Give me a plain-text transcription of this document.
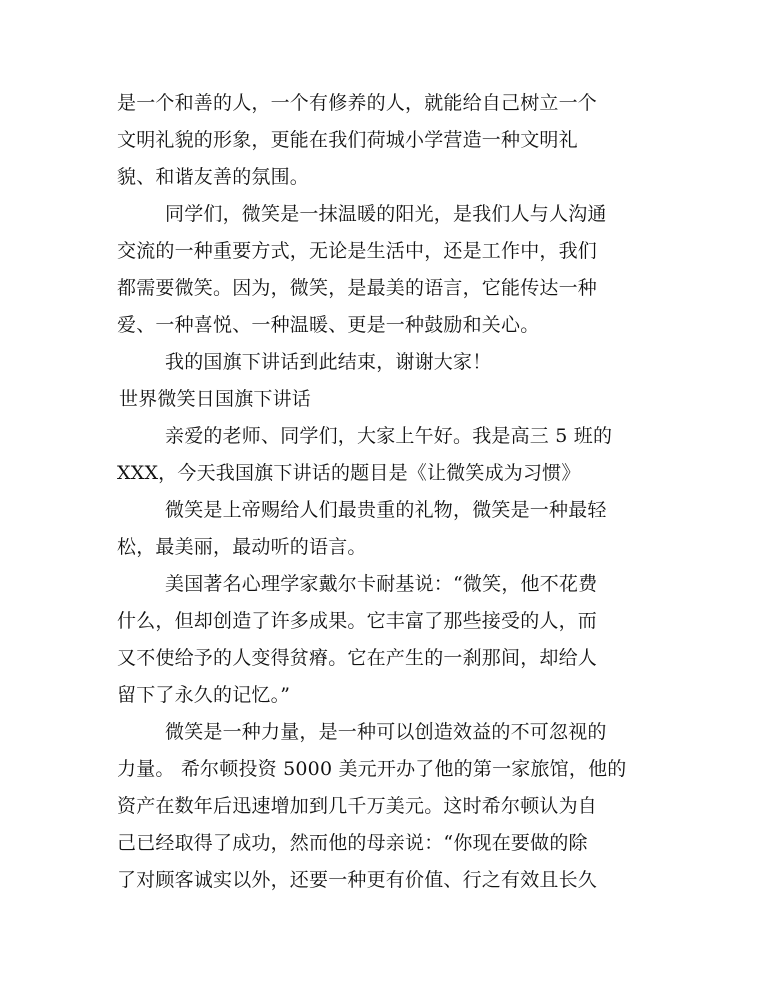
是一个和善的人，一个有修养的人，就能给自己树立一个
文明礼貌的形象，更能在我们荷城小学营造一种文明礼
貌、和谐友善的氛围。
同学们，微笑是一抹温暖的阳光，是我们人与人沟通
交流的一种重要方式，无论是生活中，还是工作中，我们
都需要微笑。因为，微笑，是最美的语言，它能传达一种
爱、一种喜悦、一种温暖、更是一种鼓励和关心。
我的国旗下讲话到此结束，谢谢大家！
世界微笑日国旗下讲话
亲爱的老师、同学们，大家上午好。我是高三 5 班的
XXX，今天我国旗下讲话的题目是《让微笑成为习惯》
微笑是上帝赐给人们最贵重的礼物，微笑是一种最轻
松，最美丽，最动听的语言。
美国著名心理学家戴尔卡耐基说：“微笑，他不花费
什么，但却创造了许多成果。它丰富了那些接受的人，而
又不使给予的人变得贫瘠。它在产生的一刹那间，却给人
留下了永久的记忆。”
微笑是一种力量，是一种可以创造效益的不可忽视的
力量。 希尔顿投资 5000 美元开办了他的第一家旅馆，他的
资产在数年后迅速增加到几千万美元。这时希尔顿认为自
己已经取得了成功，然而他的母亲说：“你现在要做的除
了对顾客诚实以外，还要一种更有价值、行之有效且长久
